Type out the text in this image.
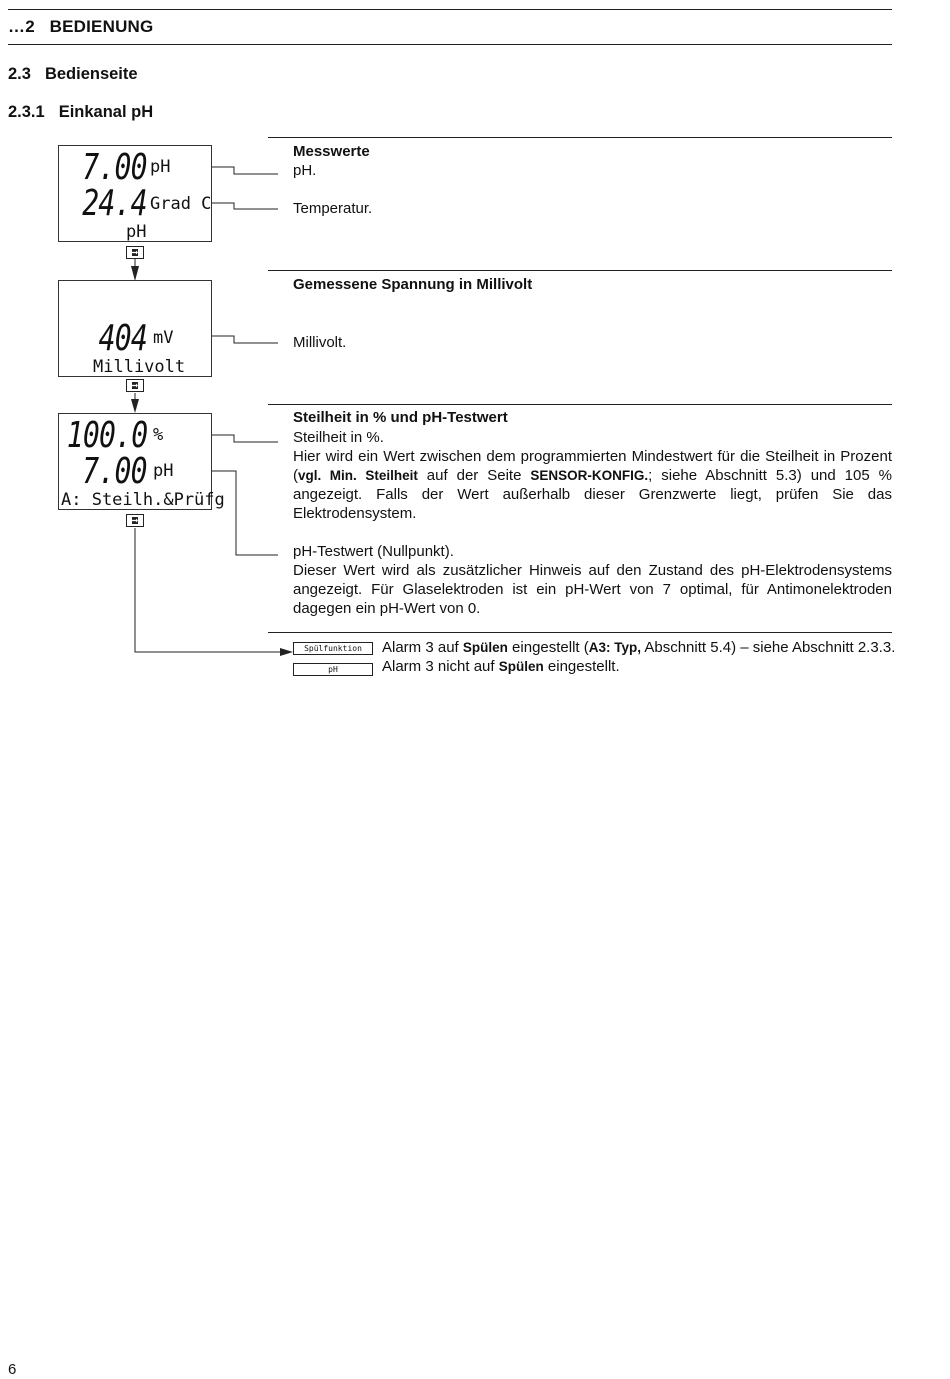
…2 BEDIENUNG
2.3 Bedienseite
2.3.1 Einkanal pH
7.00 pH
24.4 Grad C
pH
404 mV
Millivolt
100.0 %
7.00 pH
A: Steilh.&Prüfg
Messwerte
pH.
Temperatur.
Gemessene Spannung in Millivolt
Millivolt.
Steilheit in % und pH-Testwert
Steilheit in %.
Hier wird ein Wert zwischen dem programmierten Mindestwert für die Steilheit in Prozent (vgl. Min. Steilheit auf der Seite SENSOR-KONFIG.; siehe Abschnitt 5.3) und 105 % angezeigt. Falls der Wert außerhalb dieser Grenzwerte liegt, prüfen Sie das Elektrodensystem.
pH-Testwert (Nullpunkt).
Dieser Wert wird als zusätzlicher Hinweis auf den Zustand des pH-Elektrodensystems angezeigt. Für Glaselektroden ist ein pH-Wert von 7 optimal, für Antimonelektroden dagegen ein pH-Wert von 0.
Spülfunktion
pH
Alarm 3 auf Spülen eingestellt (A3: Typ, Abschnitt 5.4) – siehe Abschnitt 2.3.3.
Alarm 3 nicht auf Spülen eingestellt.
6
